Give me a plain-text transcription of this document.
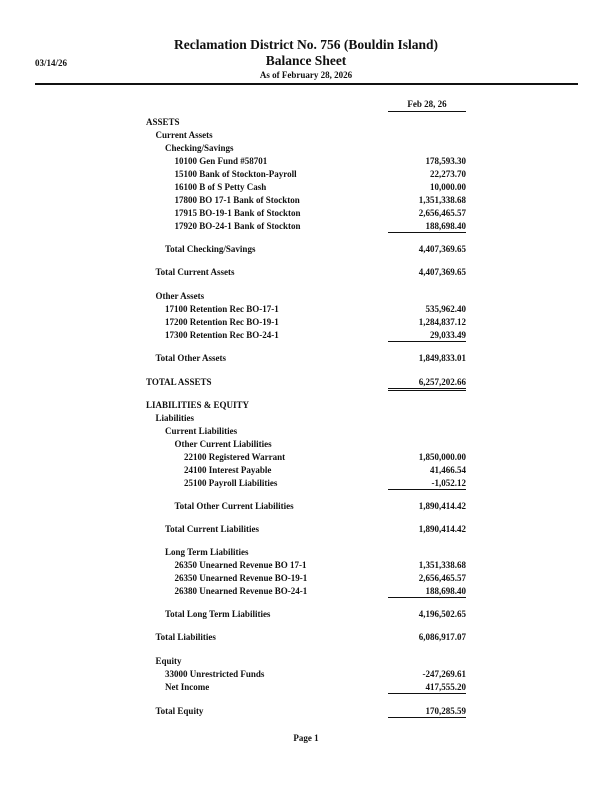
Reclamation District No. 756 (Bouldin Island)
03/14/26	Balance Sheet
As of February 28, 2026
Feb 28, 26
ASSETS
Current Assets
Checking/Savings
10100 Gen Fund #58701	178,593.30
15100 Bank of Stockton-Payroll	22,273.70
16100 B of S Petty Cash	10,000.00
17800 BO 17-1 Bank of Stockton	1,351,338.68
17915 BO-19-1 Bank of Stockton	2,656,465.57
17920 BO-24-1 Bank of Stockton	188,698.40
Total Checking/Savings	4,407,369.65
Total Current Assets	4,407,369.65
Other Assets
17100 Retention Rec BO-17-1	535,962.40
17200 Retention Rec BO-19-1	1,284,837.12
17300 Retention Rec BO-24-1	29,033.49
Total Other Assets	1,849,833.01
TOTAL ASSETS	6,257,202.66
LIABILITIES & EQUITY
Liabilities
Current Liabilities
Other Current Liabilities
22100 Registered Warrant	1,850,000.00
24100 Interest Payable	41,466.54
25100 Payroll Liabilities	-1,052.12
Total Other Current Liabilities	1,890,414.42
Total Current Liabilities	1,890,414.42
Long Term Liabilities
26350 Unearned Revenue BO 17-1	1,351,338.68
26350 Unearned Revenue BO-19-1	2,656,465.57
26380 Unearned Revenue BO-24-1	188,698.40
Total Long Term Liabilities	4,196,502.65
Total Liabilities	6,086,917.07
Equity
33000 Unrestricted Funds	-247,269.61
Net Income	417,555.20
Total Equity	170,285.59
Page 1
